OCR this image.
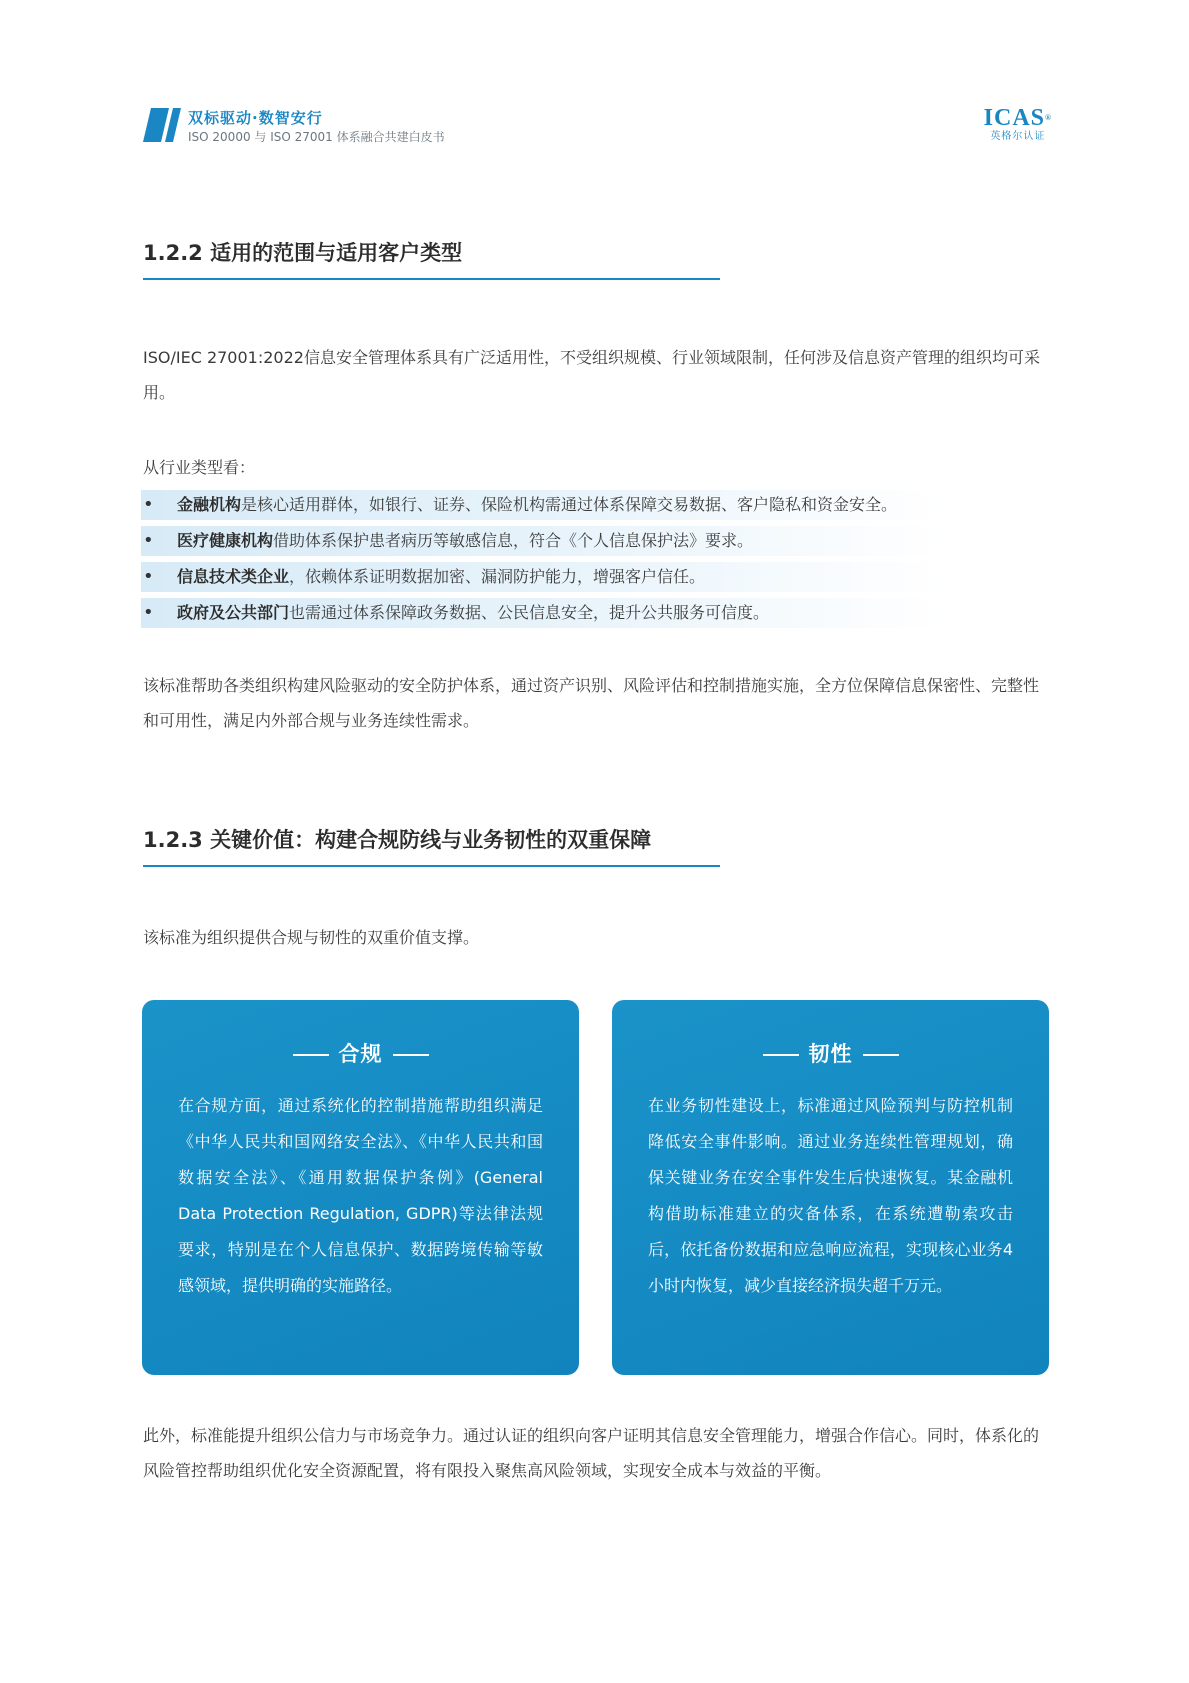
双标驱动·数智安行
ISO 20000 与 ISO 27001 体系融合共建白皮书
ICAS®
英格尔认证
1.2.2 适用的范围与适用客户类型

ISO/IEC 27001:2022信息安全管理体系具有广泛适用性，不受组织规模、行业领域限制，任何涉及信息资产管理的组织均可采用。

从行业类型看：

• 金融机构是核心适用群体，如银行、证券、保险机构需通过体系保障交易数据、客户隐私和资金安全。
• 医疗健康机构借助体系保护患者病历等敏感信息，符合《个人信息保护法》要求。
• 信息技术类企业，依赖体系证明数据加密、漏洞防护能力，增强客户信任。
• 政府及公共部门也需通过体系保障政务数据、公民信息安全，提升公共服务可信度。

该标准帮助各类组织构建风险驱动的安全防护体系，通过资产识别、风险评估和控制措施实施，全方位保障信息保密性、完整性和可用性，满足内外部合规与业务连续性需求。

1.2.3 关键价值：构建合规防线与业务韧性的双重保障

该标准为组织提供合规与韧性的双重价值支撑。

合规

在合规方面，通过系统化的控制措施帮助组织满足《中华人民共和国网络安全法》、《中华人民共和国数据安全法》、《通用数据保护条例》(General Data Protection Regulation, GDPR)等法律法规要求，特别是在个人信息保护、数据跨境传输等敏感领域，提供明确的实施路径。

韧性

在业务韧性建设上，标准通过风险预判与防控机制降低安全事件影响。通过业务连续性管理规划，确保关键业务在安全事件发生后快速恢复。某金融机构借助标准建立的灾备体系，在系统遭勒索攻击后，依托备份数据和应急响应流程，实现核心业务4小时内恢复，减少直接经济损失超千万元。

此外，标准能提升组织公信力与市场竞争力。通过认证的组织向客户证明其信息安全管理能力，增强合作信心。同时，体系化的风险管控帮助组织优化安全资源配置，将有限投入聚焦高风险领域，实现安全成本与效益的平衡。
